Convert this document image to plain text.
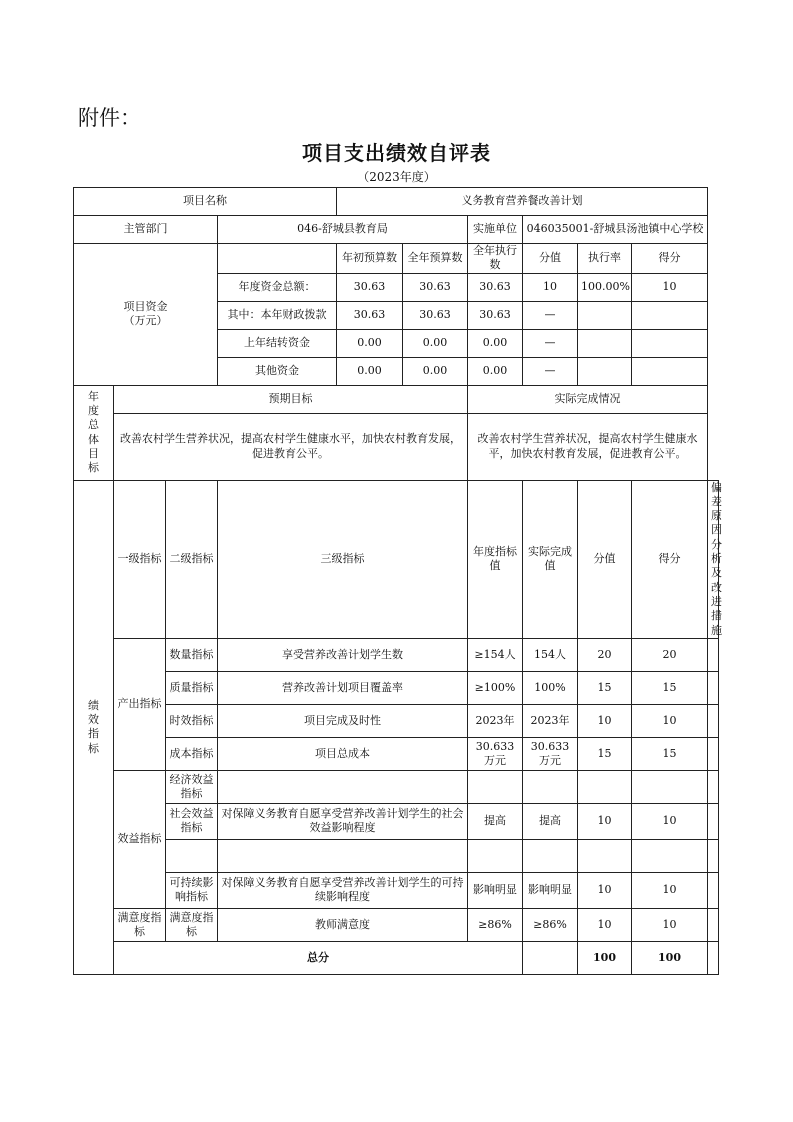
附件：
项目支出绩效自评表
（2023年度）
项目名称				义务教育营养餐改善计划						
主管部门			046-舒城县教育局			实施单位	046035001-舒城县汤池镇中心学校			

项目资金
（万元）				年初预算数	全年预算数	全年执行数	分值	执行率	得分	
			年度资金总额：	30.63	30.63	30.63	10	100.00%	10	
			其中：本年财政拨款	30.63	30.63	30.63	—			
			上年结转资金	0.00	0.00	0.00	—			
			其他资金	0.00	0.00	0.00	—			

年度总体目标	预期目标					实际完成情况				
	改善农村学生营养状况，提高农村学生健康水平，加快农村教育发展，促进教育公平。					改善农村学生营养状况，提高农村学生健康水平，加快农村教育发展，促进教育公平。				

绩效指标	一级指标	二级指标	三级指标			年度指标值	实际完成值	分值	得分	偏差原因分析及改进措施
	产出指标	数量指标	享受营养改善计划学生数			≥154人	154人	20	20	
		质量指标	营养改善计划项目覆盖率			≥100%	100%	15	15	
		时效指标	项目完成及时性			2023年	2023年	10	10	
		成本指标	项目总成本			30.633万元	30.633万元	15	15	
	效益指标	经济效益指标								
		社会效益指标	对保障义务教育自愿享受营养改善计划学生的社会效益影响程度			提高	提高	10	10	

		可持续影响指标	对保障义务教育自愿享受营养改善计划学生的可持续影响程度			影响明显	影响明显	10	10	
	满意度指标	满意度指标	教师满意度			≥86%	≥86%	10	10	
	总分							100	100	
